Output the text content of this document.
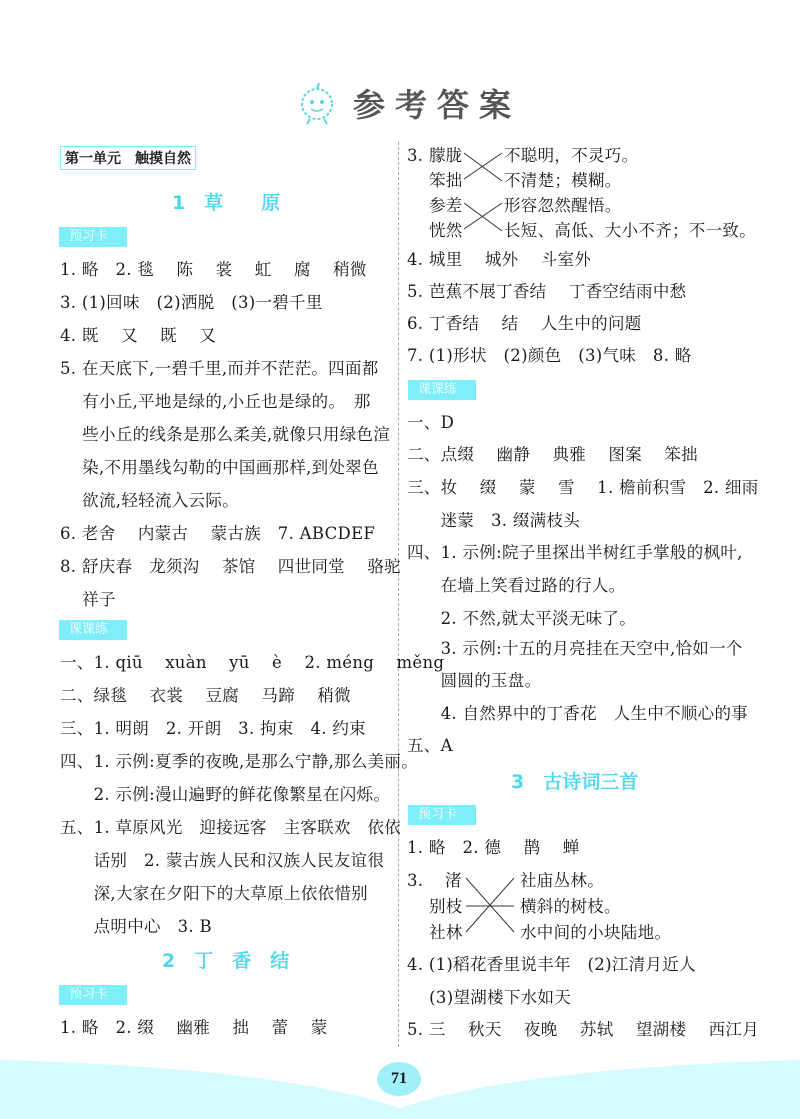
参考答案
第一单元　触摸自然
1　草　　原
预习卡
1. 略　2. 毯　 陈　 裳　 虹　 腐　 稍微
3. (1)回味　(2)洒脱　(3)一碧千里
4. 既　 又　 既　 又
5. 在天底下,一碧千里,而并不茫茫。四面都
有小丘,平地是绿的,小丘也是绿的。　那
些小丘的线条是那么柔美,就像只用绿色渲
染,不用墨线勾勒的中国画那样,到处翠色
欲流,轻轻流入云际。
6. 老舍　 内蒙古　 蒙古族　7. ABCDEF
8. 舒庆春　龙须沟　 茶馆　 四世同堂　 骆驼
祥子
课课练
一、1. qiū　 xuàn　 yū　 è　 2. méng　 měng
二、绿毯　 衣裳　 豆腐　 马蹄　 稍微
三、1. 明朗　2. 开朗　3. 拘束　4. 约束
四、1. 示例:夏季的夜晚,是那么宁静,那么美丽。
　　2. 示例:漫山遍野的鲜花像繁星在闪烁。
五、1. 草原风光　迎接远客　主客联欢　依依
　　话别　2. 蒙古族人民和汉族人民友谊很
　　深,大家在夕阳下的大草原上依依惜别
　　点明中心　3. B
2　丁　香　结
预习卡
1. 略　2. 缀　 幽雅　 拙　 蕾　 蒙
3. 朦胧
笨拙
参差
恍然
不聪明，不灵巧。
不清楚；模糊。
形容忽然醒悟。
长短、高低、大小不齐；不一致。
4. 城里　 城外　 斗室外
5. 芭蕉不展丁香结　 丁香空结雨中愁
6. 丁香结　 结　 人生中的问题
7. (1)形状　(2)颜色　(3)气味　8. 略
课课练
一、D
二、点缀　 幽静　 典雅　 图案　 笨拙
三、妆　 缀　 蒙　 雪　 1. 檐前积雪　2. 细雨
　　迷蒙　3. 缀满枝头
四、1. 示例:院子里探出半树红手掌般的枫叶,
　　在墙上笑看过路的行人。
　　2. 不然,就太平淡无味了。
　　3. 示例:十五的月亮挂在天空中,恰如一个
　　圆圆的玉盘。
　　4. 自然界中的丁香花　人生中不顺心的事
五、A
3　古诗词三首
预习卡
1. 略　2. 德　 鹊　 蝉
3. 渚
别枝
社林
社庙丛林。
横斜的树枝。
水中间的小块陆地。
4. (1)稻花香里说丰年　(2)江清月近人
(3)望湖楼下水如天
5. 三　 秋天　 夜晚　 苏轼　 望湖楼　 西江月
71
